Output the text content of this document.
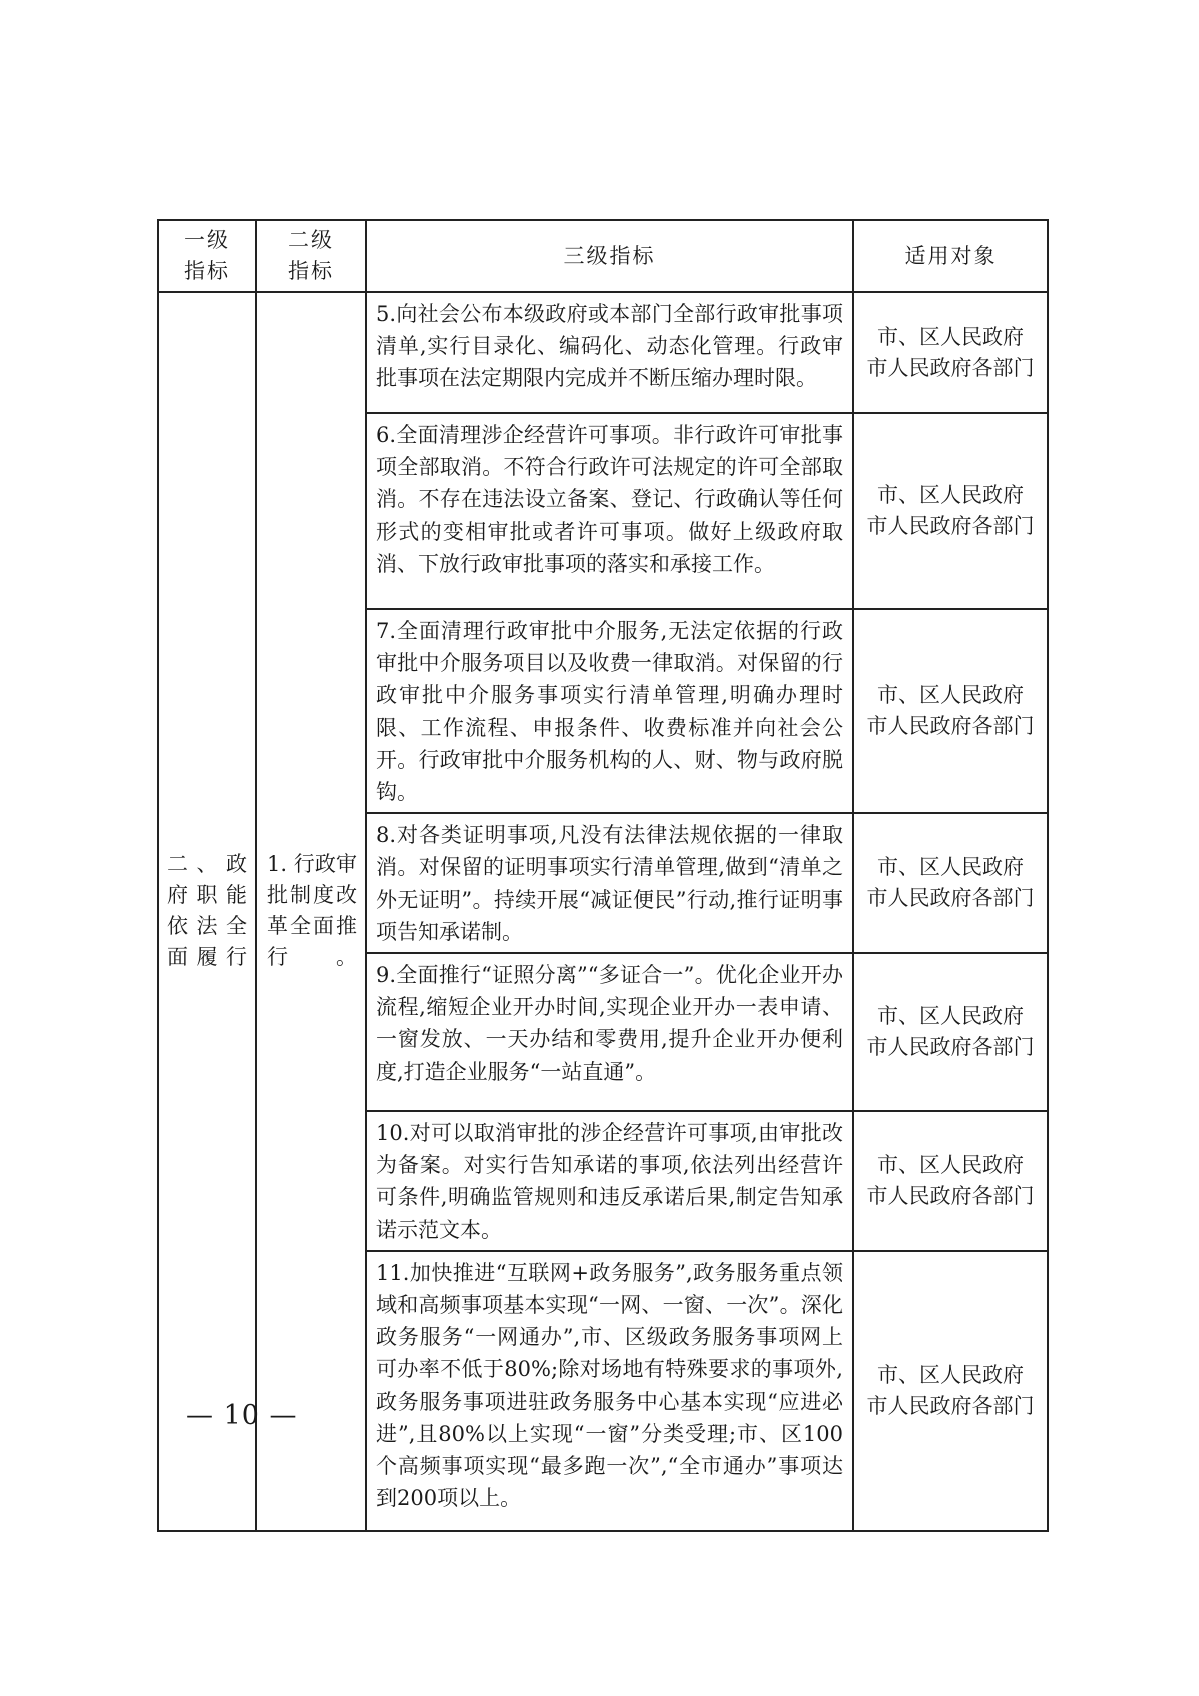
一级指标	二级指标	三级指标	适用对象
二、政府职能依法全面履行	1. 行政审批制度改革全面推行。	5.向社会公布本级政府或本部门全部行政审批事项清单,实行目录化、编码化、动态化管理。行政审批事项在法定期限内完成并不断压缩办理时限。	市、区人民政府
市人民政府各部门

		6.全面清理涉企经营许可事项。非行政许可审批事项全部取消。不符合行政许可法规定的许可全部取消。不存在违法设立备案、登记、行政确认等任何形式的变相审批或者许可事项。做好上级政府取消、下放行政审批事项的落实和承接工作。	市、区人民政府
市人民政府各部门

		7.全面清理行政审批中介服务,无法定依据的行政审批中介服务项目以及收费一律取消。对保留的行政审批中介服务事项实行清单管理,明确办理时限、工作流程、申报条件、收费标准并向社会公开。行政审批中介服务机构的人、财、物与政府脱钩。	市、区人民政府
市人民政府各部门

		8.对各类证明事项,凡没有法律法规依据的一律取消。对保留的证明事项实行清单管理,做到“清单之外无证明”。持续开展“减证便民”行动,推行证明事项告知承诺制。	市、区人民政府
市人民政府各部门

		9.全面推行“证照分离”“多证合一”。优化企业开办流程,缩短企业开办时间,实现企业开办一表申请、一窗发放、一天办结和零费用,提升企业开办便利度,打造企业服务“一站直通”。	市、区人民政府
市人民政府各部门

		10.对可以取消审批的涉企经营许可事项,由审批改为备案。对实行告知承诺的事项,依法列出经营许可条件,明确监管规则和违反承诺后果,制定告知承诺示范文本。	市、区人民政府
市人民政府各部门

		11.加快推进“互联网+政务服务”,政务服务重点领域和高频事项基本实现“一网、一窗、一次”。深化政务服务“一网通办”,市、区级政务服务事项网上可办率不低于80%;除对场地有特殊要求的事项外,政务服务事项进驻政务服务中心基本实现“应进必进”,且80%以上实现“一窗”分类受理;市、区100个高频事项实现“最多跑一次”,“全市通办”事项达到200项以上。	市、区人民政府
市人民政府各部门
— 10 —
